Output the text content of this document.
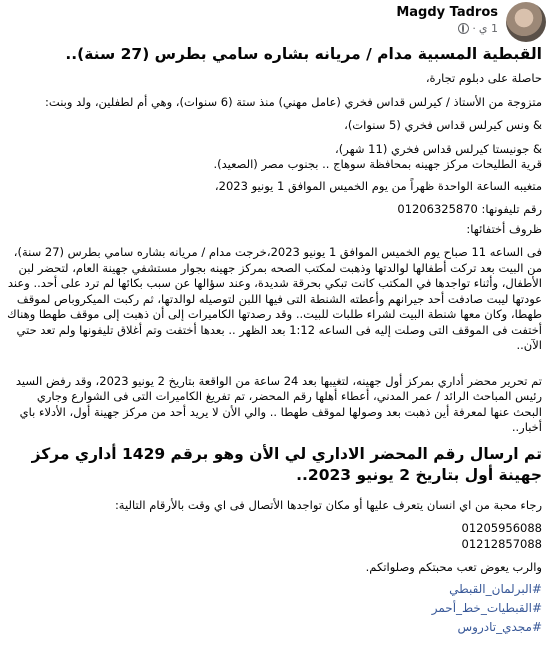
Magdy Tadros
1 ي
·

القبطية المسبية مدام / مريانه بشاره سامي بطرس (27 سنة)..

حاصلة على دبلوم تجارة،

متزوجة من الأستاذ / كيرلس قداس فخري (عامل مهني) منذ ستة (6 سنوات)، وهي أم لطفلين، ولد وبنت:

& ونس كيرلس قداس فخري (5 سنوات)،

& جونيستا كيرلس قداس فخري (11 شهر)،

قرية الطليحات مركز جهينه بمحافظة سوهاج .. بجنوب مصر (الصعيد).

متغيبه الساعة الواحدة ظهراً من يوم الخميس الموافق 1 يونيو 2023،

رقم تليفونها: 01206325870

ظروف أختفائها:

فى الساعه 11 صباح يوم الخميس الموافق 1 يونيو 2023،خرجت مدام / مريانه بشاره سامي بطرس (27 سنة)، من البيت بعد تركت أطفالها لوالدتها وذهبت لمكتب الصحه بمركز جهينه بجوار مستشفي جهينة العام، لتحضر لبن الأطفال، وأثناء تواجدها في المكتب كانت تبكي بحرقة شديدة، وعند سؤالها عن سبب بكائها لم ترد على أحد.. وعند عودتها ليبت صادفت أحد جيرانهم وأعطته الشنطة التى فيها اللبن لتوصيله لوالدتها، ثم ركبت الميكروباص لموقف طهطا، وكان معها شنطة البيت لشراء طلبات للبيت.. وقد رصدتها الكاميرات إلى أن ذهبت إلى موقف طهطا وهناك أختفت فى الموقف التى وصلت إليه فى الساعه 1:12 بعد الظهر .. بعدها أختفت وتم أغلاق تليفونها ولم تعد حتي الآن..

تم تحرير محضر أداري بمركز أول جهينه، لتغيبها بعد 24 ساعة من الواقعة بتاريخ 2 يونيو 2023، وقد رفض السيد رئيس المباحث الرائد / عمر المدني، أعطاء أهلها رقم المحضر، تم تفريغ الكاميرات التى فى الشوارع وجاري البحث عنها لمعرفة أين ذهبت بعد وصولها لموقف طهطا .. والي الأن لا يريد أحد من مركز جهينة أول، الأدلاء باي أخبار..

تم ارسال رقم المحضر الاداري لي الأن وهو برقم 1429 أداري مركز جهينة أول بتاريخ 2 يونيو 2023..

رجاء محبة من اي انسان يتعرف عليها أو مكان تواجدها الأتصال فى اي وقت بالأرقام التالية:

01205956088

01212857088

والرب يعوض تعب محبتكم وصلواتكم.

#البرلمان_القبطي

#القبطيات_خط_أحمر

#مجدي_تادروس
